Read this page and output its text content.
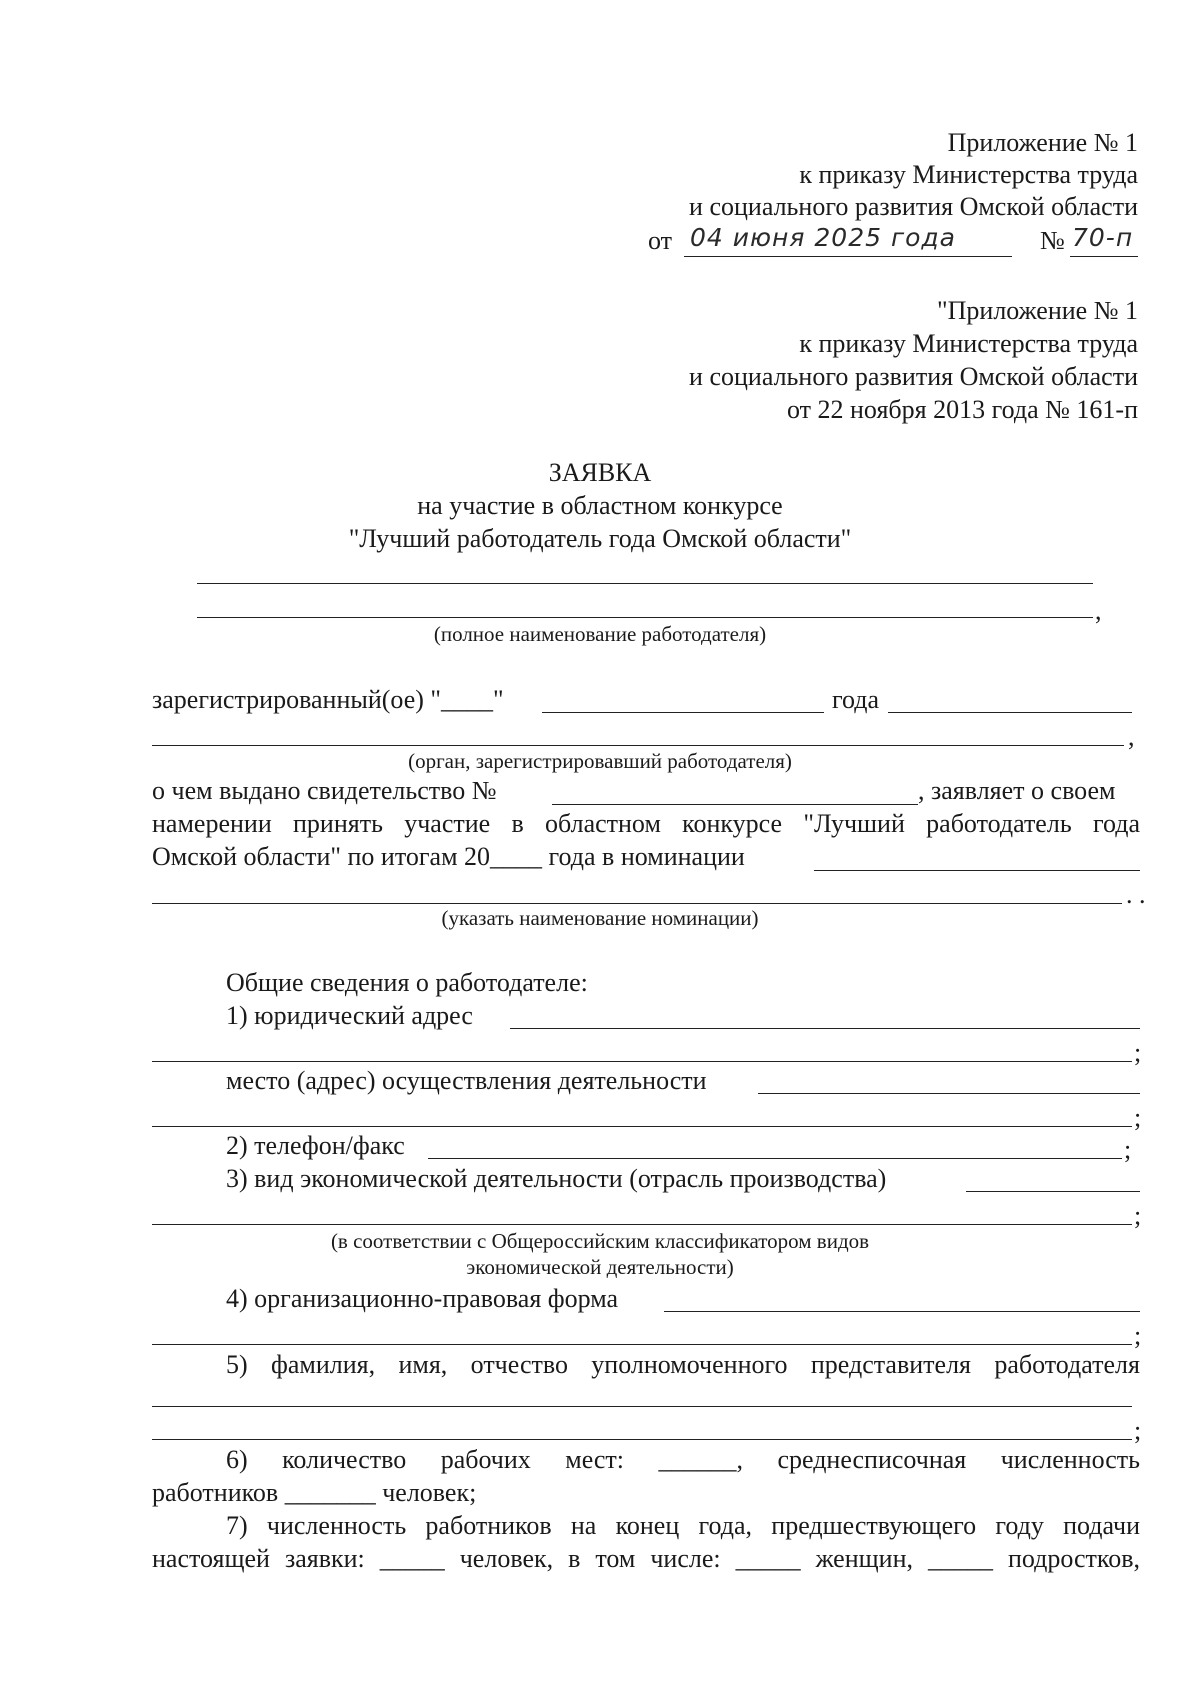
Приложение № 1
к приказу Министерства труда
и социального развития Омской области
от 04 июня 2025 года	№ 70-п
"Приложение № 1
к приказу Министерства труда
и социального развития Омской области
от 22 ноября 2013 года № 161-п
ЗАЯВКА
на участие в областном конкурсе
"Лучший работодатель года Омской области"
,
(полное наименование работодателя)
зарегистрированный(ое) "____"	года
,
(орган, зарегистрировавший работодателя)
о чем выдано свидетельство №	, заявляет о своем
намерении принять участие в областном конкурсе "Лучший работодатель года
Омской области" по итогам 20____ года в номинации
. .
(указать наименование номинации)
Общие сведения о работодателе:
1) юридический адрес
;
место (адрес) осуществления деятельности
;
2) телефон/факс	;
3) вид экономической деятельности (отрасль производства)
;
(в соответствии с Общероссийским классификатором видов
экономической деятельности)
4) организационно-правовая форма
;
5) фамилия, имя, отчество уполномоченного представителя работодателя
;
6) количество рабочих мест: ______, среднесписочная численность
работников _______ человек;
7) численность работников на конец года, предшествующего году подачи
настоящей заявки: _____ человек, в том числе: _____ женщин, _____ подростков,
